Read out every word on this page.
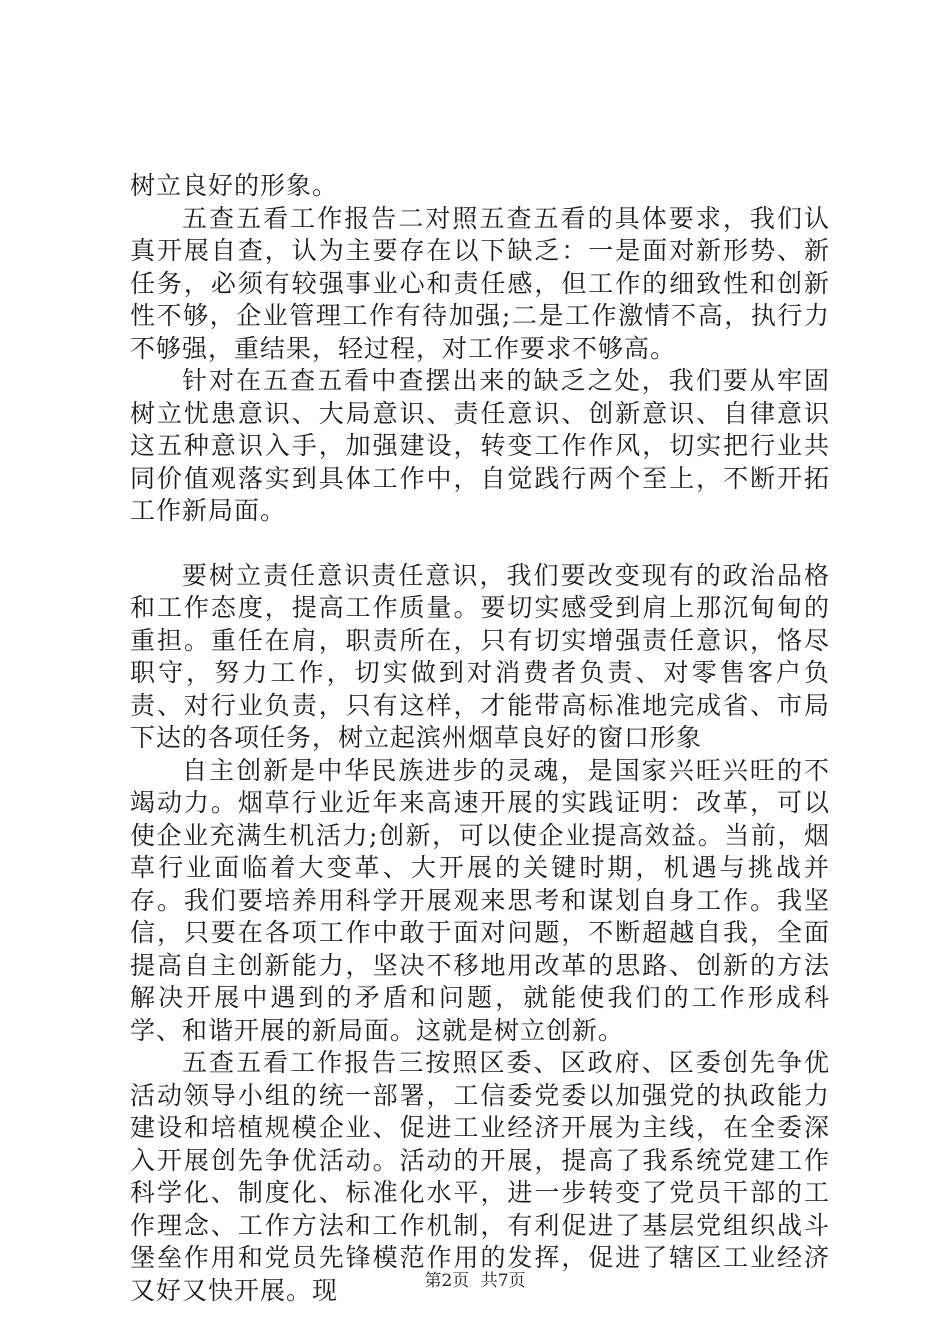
树立良好的形象。

五查五看工作报告二对照五查五看的具体要求，我们认真开展自查，认为主要存在以下缺乏：一是面对新形势、新任务，必须有较强事业心和责任感，但工作的细致性和创新性不够，企业管理工作有待加强;二是工作激情不高，执行力不够强，重结果，轻过程，对工作要求不够高。

针对在五查五看中查摆出来的缺乏之处，我们要从牢固树立忧患意识、大局意识、责任意识、创新意识、自律意识这五种意识入手，加强建设，转变工作作风，切实把行业共同价值观落实到具体工作中，自觉践行两个至上，不断开拓工作新局面。

要树立责任意识责任意识，我们要改变现有的政治品格和工作态度，提高工作质量。要切实感受到肩上那沉甸甸的重担。重任在肩，职责所在，只有切实增强责任意识，恪尽职守，努力工作，切实做到对消费者负责、对零售客户负责、对行业负责，只有这样，才能带高标准地完成省、市局下达的各项任务，树立起滨州烟草良好的窗口形象

自主创新是中华民族进步的灵魂，是国家兴旺兴旺的不竭动力。烟草行业近年来高速开展的实践证明：改革，可以使企业充满生机活力;创新，可以使企业提高效益。当前，烟草行业面临着大变革、大开展的关键时期，机遇与挑战并存。我们要培养用科学开展观来思考和谋划自身工作。我坚信，只要在各项工作中敢于面对问题，不断超越自我，全面提高自主创新能力，坚决不移地用改革的思路、创新的方法解决开展中遇到的矛盾和问题，就能使我们的工作形成科学、和谐开展的新局面。这就是树立创新。

五查五看工作报告三按照区委、区政府、区委创先争优活动领导小组的统一部署，工信委党委以加强党的执政能力建设和培植规模企业、促进工业经济开展为主线，在全委深入开展创先争优活动。活动的开展，提高了我系统党建工作科学化、制度化、标准化水平，进一步转变了党员干部的工作理念、工作方法和工作机制，有利促进了基层党组织战斗堡垒作用和党员先锋模范作用的发挥，促进了辖区工业经济又好又快开展。现	第2页 共7页
